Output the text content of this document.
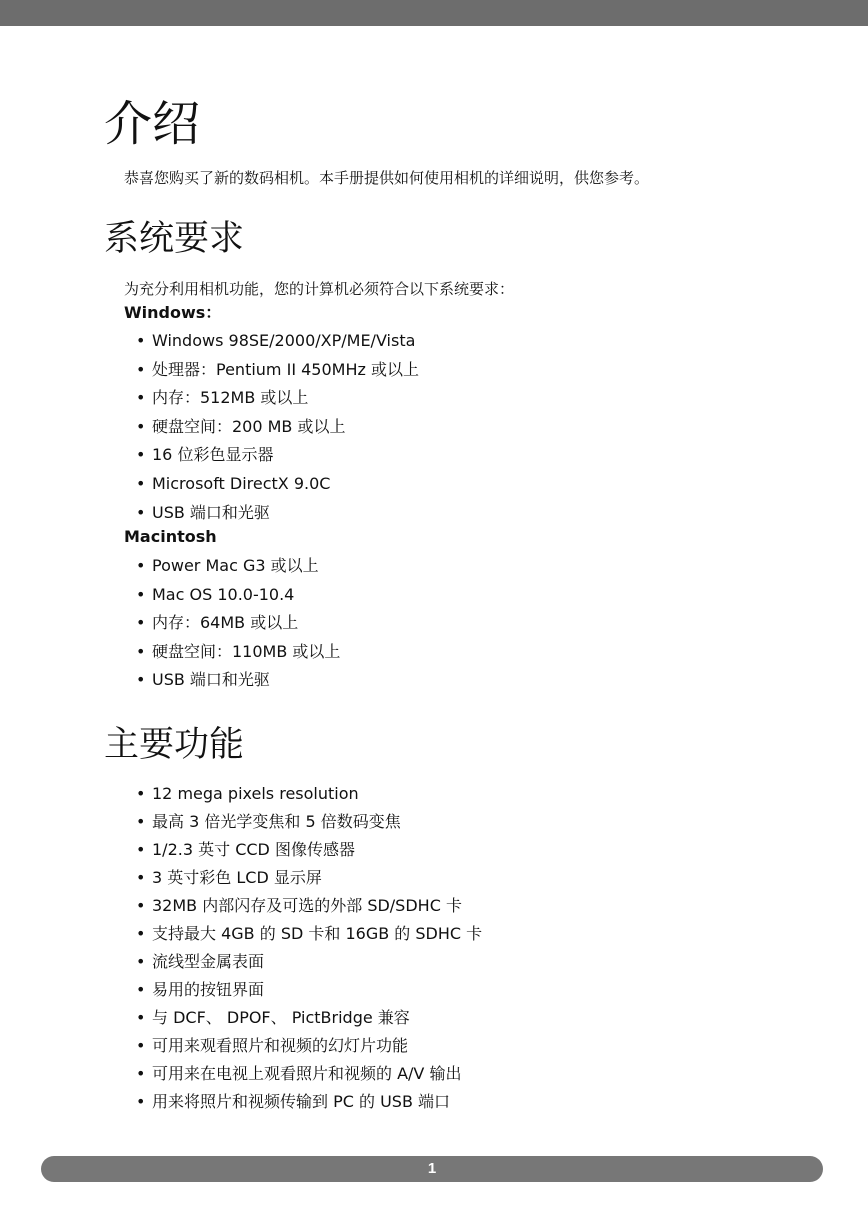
介绍
恭喜您购买了新的数码相机。本手册提供如何使用相机的详细说明，供您参考。
系统要求
为充分利用相机功能，您的计算机必须符合以下系统要求：
Windows：
• Windows 98SE/2000/XP/ME/Vista
• 处理器：Pentium II 450MHz 或以上
• 内存：512MB 或以上
• 硬盘空间：200 MB 或以上
• 16 位彩色显示器
• Microsoft DirectX 9.0C
• USB 端口和光驱
Macintosh
• Power Mac G3 或以上
• Mac OS 10.0-10.4
• 内存：64MB 或以上
• 硬盘空间：110MB 或以上
• USB 端口和光驱
主要功能
• 12 mega pixels resolution
• 最高 3 倍光学变焦和 5 倍数码变焦
• 1/2.3 英寸 CCD 图像传感器
• 3 英寸彩色 LCD 显示屏
• 32MB 内部闪存及可选的外部 SD/SDHC 卡
• 支持最大 4GB 的 SD 卡和 16GB 的 SDHC 卡
• 流线型金属表面
• 易用的按钮界面
• 与 DCF、 DPOF、 PictBridge 兼容
• 可用来观看照片和视频的幻灯片功能
• 可用来在电视上观看照片和视频的 A/V 输出
• 用来将照片和视频传输到 PC 的 USB 端口
1
